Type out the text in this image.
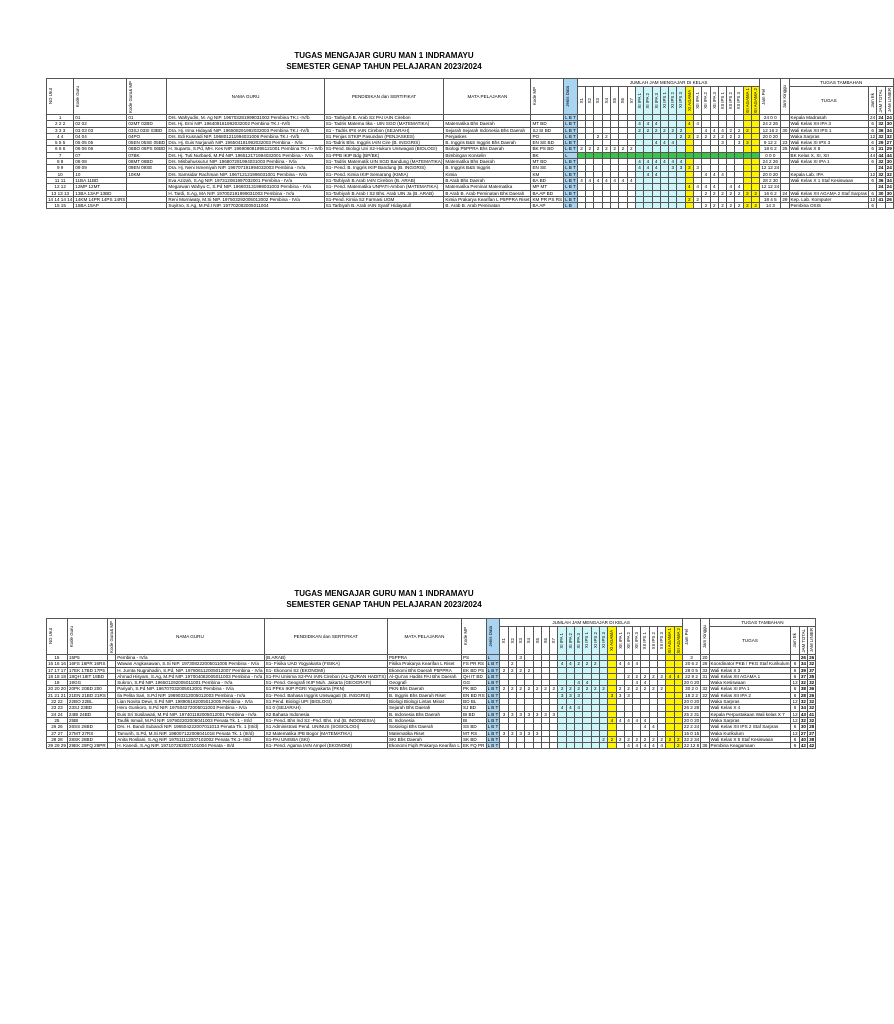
TUGAS MENGAJAR GURU MAN 1 INDRAMAYU
SEMESTER GENAP TAHUN PELAJARAN 2023/2024
NO Urut	Kode Guru	Kode Guru& MP	NAMA GURU	PENDIDIKAN dan SERTIFIKAT	MATA PELAJARAN	Kode MP	Jenis Data	JUMLAH JAM MENGAJAR DI KELAS																						Jam Pel	Jam Kinggu	TUGAS TAMBAHAN			

								X1	X2	X3	X4	X5	X6	X7	XI IPA 1	XI IPA 2	XI IPA 3	XI IPS 1	XI IPS 2	XI IPS 3	XI AGAMA	XII IPA 1	XII IPA 2	XII IPA 3	XII IPS 1	XII IPS 2	XII IPS 3	XII AGAMA 1	XII AGAMA 2			TUGAS	Jam Ek	JAM TOTAL	JAM LINIER

1	01	01	Drs. Wahyudin, M. Ag NIP. 196703281999031002 Pembina TK.I -IV/b	S1- Tarbiyah B. Arab S2 PAI IAIN Cirebon			L B T																							24 0 0		Kepala Madrasah	24	24	24
2 2 2	02 02	02MT 02BD	Drs. Hj. Erni NIP. 196409161992032002 Pembina TK.I -IV/b	S1- Tadris Matema tika - UIN SGD (MATEMATIKA)	Matematika Bhs Daerah	MT BD	L B T								4	4	4				4	4								24 2 26		Wali Kelas XII IPA 3	6	32	30
3 3 3	03 03 03	03SJ 03SI 03BD	Dra. Hj. Irma Hidayati NIP. 196508291992032003 Pembina TK.I -IV/b	S1 - Tadris IPS IAIN Cirebon (SEJARAH)	Sejarah Sejarah Indonesia Bhs Daerah	SJ SI BD	L B T								2	2	2	2	2	2			4	4	4	2	2	2		12 16 2	30	Wali Kelas XII IPS 1	6	36	34
4 4	04 04	04PO	Drs. Edi Kusnadi NIP. 196801211994031006 Pembina TK.I -IV/b	S1 Penjas STKIP Pasundan (PENJASKES)	Penjaskes	PO	L B T			2	2									2	2	2	2	2	2	2	2			20 0 20		Waka Sarpras	12	32	32
5 5 5	05 05 05	05EN 05SE 05BD	Dra. Hj. Euis Nurjanah NIP. 196504181992032003 Pembina - IV/a	S1-Tadris Bhs. Inggris IAIN Cire (B. INGGRIS)	B. Inggris B&S Inggris Bhs Daerah	EN SE BD	L B T										4	4	4						3		3	3		9 12 2	23	Wali Kelas XI IPS 3	6	29	27
6 6 6	06 06 06	06BO 06PS 06BD	H. Suparto, S.Pd, MH. Kes NIP. 196908081995121001 Pembina TK.I -- IV/b	S1-Pend. Biologi Uni S2-Hukum Unswagati (BIOLOGI)	Biologi P5PPRA Bhs Daerah	BK PS BD	L B T	2	2	2	2	2	2	2																18 6 2	25	Wali Kelas X 6	6	31	29
7	07	07BK	Drs. Hj. Tuti Nurbaeti, M.Pd NIP. 196512171994032001 Pembina - IV/a	S1-PPB IKIP Bdg (BP/BK)	Bimbingan Konselin	BK	L																							0 0 0		BK Kelas X, XI, XII	44	44	44
8 8	08 08	08MT 08BD	Drs. Misbahussurur NIP. 196807281994031003 Pembina - IV/a	S1- Tadris Matematik UIN SGD Bandung (MATEMATIKA)	Matematika Bhs Daerah	MT BD	L B T								4	4	4	4	4	4										24 2 26		Wali Kelas XI IPA 1	6	32	30
9 9	09 09	09EN 09SE	Dra. Hj. Neni Ismeniyah NIP. 196707191994032003 Pembina - IV/a	S1- Pend. B. Inggris IKIP Bandung (B. INGGRIS)	B. Inggris B&S Inggris	EN SE	L B T								4	4	4		3	3	3	3								12 12 24				24	24
10	10	10KM	Drs. Samsidar Rachman NIP. 196712121996031001 Pembina - IV/a	S1- Pend. Kimia IKIP Semarang (KIMIA)	Kimia	KM	L B T									4	4						4	4	4					20 0 20		Kepala Lab. IPA	12	32	32
11 11	11BA 11BD		Eva Azizah, S.Ag NIP. 197312081997032001 Pembina - IV/a	S1-Tarbiyah B.Arab IAIN Cirebon (B. ARAB)	B Arab Bhs Daerah	BA BD	L B T	4	4	4	4	4	4	4																28 2 30		Wali Kelas X 1 Staf Kesiswaan	6	36	34
12 12	12MP 12MT		Megarwan Wahyu C, S.Pd NIP. 196803131998031003 Pembina - IV/a	S1- Pend. Matematika UNPATI-Ambon (MATEMATIKA)	Matematika Peminat Matematika	MP MT	L B T														4	4	4	4		4	4			12 12 24				24	24
13 13 13	13BA 13AP 13BD		H. Tardi, S.Ag, MA NIP. 197002191999031003 Pembina - IV/a	S1-Tarbiyah B.Arab I S2 Bhs. Arab UIN Ja (B. ARAB)	B Arab B. Arab Peminatan Bhs Daerah	BA AP BD	L B T																2	2	2	2	2	2	2	16 6 2	24	Wali Kelas XII AGAMA 2 Staf Sarpras	6	30	30
14 14 14 14	14KM 14PR 14PS 14RS		Reni Murniwaty, M.Si NIP. 197503292005012002 Pembina - IV/a	S1-Pend. Kimia S2 Farmasi UGM	Kimia Prakarya Kearifan L P5PPRA Riset	KM PR PS RS	L B T														2	2								18 4 5	29	Kep. Lab. Komputer	12	41	26
15 15	15BA 15AP		Suyitno, S.Ag, M.Pd.I NIP. 197702082005011004	S1 Tarbiyah B. Arab IAIN Syarif Hidayatull	B. Arab B. Arab Peminatan	BA AP	L B																2	2	2	2	2	2	2	14 3		Pembina OSIS	6		
TUGAS MENGAJAR GURU MAN 1 INDRAMAYU
SEMESTER GENAP TAHUN PELAJARAN 2023/2024
NO Urut	Kode Guru	Kode Guru& MP	NAMA GURU	PENDIDIKAN dan SERTIFIKAT	MATA PELAJARAN	Kode MP	Jenis Data	JUMLAH JAM MENGAJAR DI KELAS																						Jam Pel	Jam Kinggu	TUGAS TAMBAHAN			

								X1	X2	X3	X4	X5	X6	X7	XI IPA 1	XI IPA 2	XI IPA 3	XI IPS 1	XI IPS 2	XI IPS 3	XI AGAMA	XII IPA 1	XII IPA 2	XII IPA 3	XII IPS 1	XII IPS 2	XII IPS 3	XII AGAMA 1	XII AGAMA 2			TUGAS	Jam Ek	JAM TOTAL	JAM LINIER

15	15P5		Pembina - IV/a	(B.ARAB)	P5PPRA	PS	L			3																				3	20			26	26
16 16 16	16FS 16PR 16RS		Wawan Angkasawan, S.Si NIP. 197308222005011005 Pembina - IV/a	S1- Fisika UAD Yogyakarta (FISIKA)	Fisika Prakarya Kearifan L Riset	FS PR RS	L B T		2						4	4	2	2	2			4	4	4						20 6 2	28	Koordinator PKB / PKG Staf Kurikulum	6	34	32
17 17 17	17EK 17BD 17P5		H. Jumta Nugrahadin, S.Pd, NIP. 197806112005012007 Pembina - IV/a	S1- Ekonomi S2 (EKONOMI)	Ekonomi Bhs Daerah P5PPRA	EK BD PS	L B T	2	2	2	2																			28 0 5	33	Wali Kelas X 3	6	39	37
18 18 18	18QH 18IT 18BD		Ahmad Hisyam, S.Ag, M.Pd NIP. 197004082005011003 Pembina - IV/a	S1-PAI Unisma S2-PAI IAIN Cirebon (AL-QURAN HADITS)	Al-Qur'an Hadits PAI Bhs Daerah	QH IT BD	L B T																2	2	2	2	2	4	4	22 9 2	31	Wali Kelas XII AGAMA 1	6	37	35
19	19GG		Sukron, S.Pd NIP. 196501292005011001 Pembina - IV/a	S1- Pend. Geografi IKIP Muh. Jakarta (GEOGRAFI)	Geografi	GG	L B T										4	4						4	4					20 0 20		Waka Kesiswaan	12	32	32
20 20 20	20PK 20BD 200		Pariyah, S.Pd NIP. 196707032005012001 Pembina - IV/a	S1 PPKn IKIP PGRI Yogyakarta (PKN)	PKN Bhs Daerah	PK BD	L B T	2	2	2	2	2	2	2	2	2	2	2	2	2		2	2	2	2	2	2			30 2 0	32	Wali Kelas XI IPA 1	6	38	36
21 21 21	21EN 21BD 21RS		Ila Pelita Sari, S.Pd NIP. 196903312005012003 Pembina - IV/a	S1- Pend. Bahasa Inggris Unswagati (B. INGGRIS)	B. Inggris Bhs Daerah Riset	EN BD RS	L B T								3	3	3				3	3	3							18 2 2	22	Wali Kelas XII IPA 2	6	28	26
22 22	22BO 22BL		Lian Novita Dewi, S.Pd NIP. 198905182005012005 Pembina - IV/a	S1 Pend. Biologi UPI (BIOLOGI)	Biologi Biologi Lintas Minat	BO BL	L B T																							20 0 20		Waka Sarpras	12	32	32
23 23	23SJ 23BD		Heru Gunkoro, S.Pd NIP. 197504272005011003 Pembina - IV/a	S1 0 (SEJARAH)	Sejarah Bhs Daerah	SJ BD	L B T								4	4	4													26 2 28		Wali Kelas X 4	6	34	32
24 24	24BI 24BD		Euis Sri Susilawati, M.Pd NIP. 197401192005012001 Pembina - IV/a	S2 Bahasa Indonesia	B. Indonesia Bhs Daerah	BI BD	L B T	3	3	3	3	3	3	3																25 2 31		Kepala Perpustakaan Wali kelas X 7	12	43	41
25	25BI		Taufik Ismail, M.Pd NIP. 197902202006041003 Penata Tk. 1 - III/d	S1- Pend. Bhs Ind S2 -Pnd. Bhs. Ind (B. INDONESIA)	B. Indonesia	BI	L B T														4	4	4	4	4					20 0 20		Waka Sarpras	12	32	32
26 26	26SS 26BD		Drs. H. Bandi Subandi NIP. 196504222007011013 Penata Tk. 1 (III/d)	S1 Administrasi Pend. UNINUS (SOSIOLOGI)	Sosiologi Bhs Daerah	SS BD	L B T																		4	4				22 2 24		Wali Kelas XII IPS 2 Staf Sarpras	6	30	28
27 27	27MT 27RS		Tamurih, S.Pd, M.Si NIP. 198007122006041018 Penata Tk. 1 (III/d)	S2 Matematika IPB Bogor (MATEMATIKA)	Matematika Riset	MT RS	L B T	3	3	3	3	3																		15 0 15		Waka Kurikulum	12	27	27
28 28	28SK 28BD		Anita Rosliani, S.Ag NIP. 197511112007102002 Penata TK.1- III/d	S1-PAI UNISBA (SKI)	SKI Bhs Daerah	SK BD	L B T													2	2	2	2	2	2	2	2	2	2	32 2 34		Wali Kelas X 5 Staf Kesiswaan	6	40	38
29 29 29	29EK 29FQ 29PR		H. Kanedi, S.Ag NIP. 197107252007101004 Penata - III/d	S1- Pend. Agama IAIN Ampel (EKONOMI)	Ekonomi Fiqih Prakarya Kearifan L	EK FQ PR	L B T																4	4	4	4	4		2	22 12 8	36	Pembina Keagamaan	6	42	42
